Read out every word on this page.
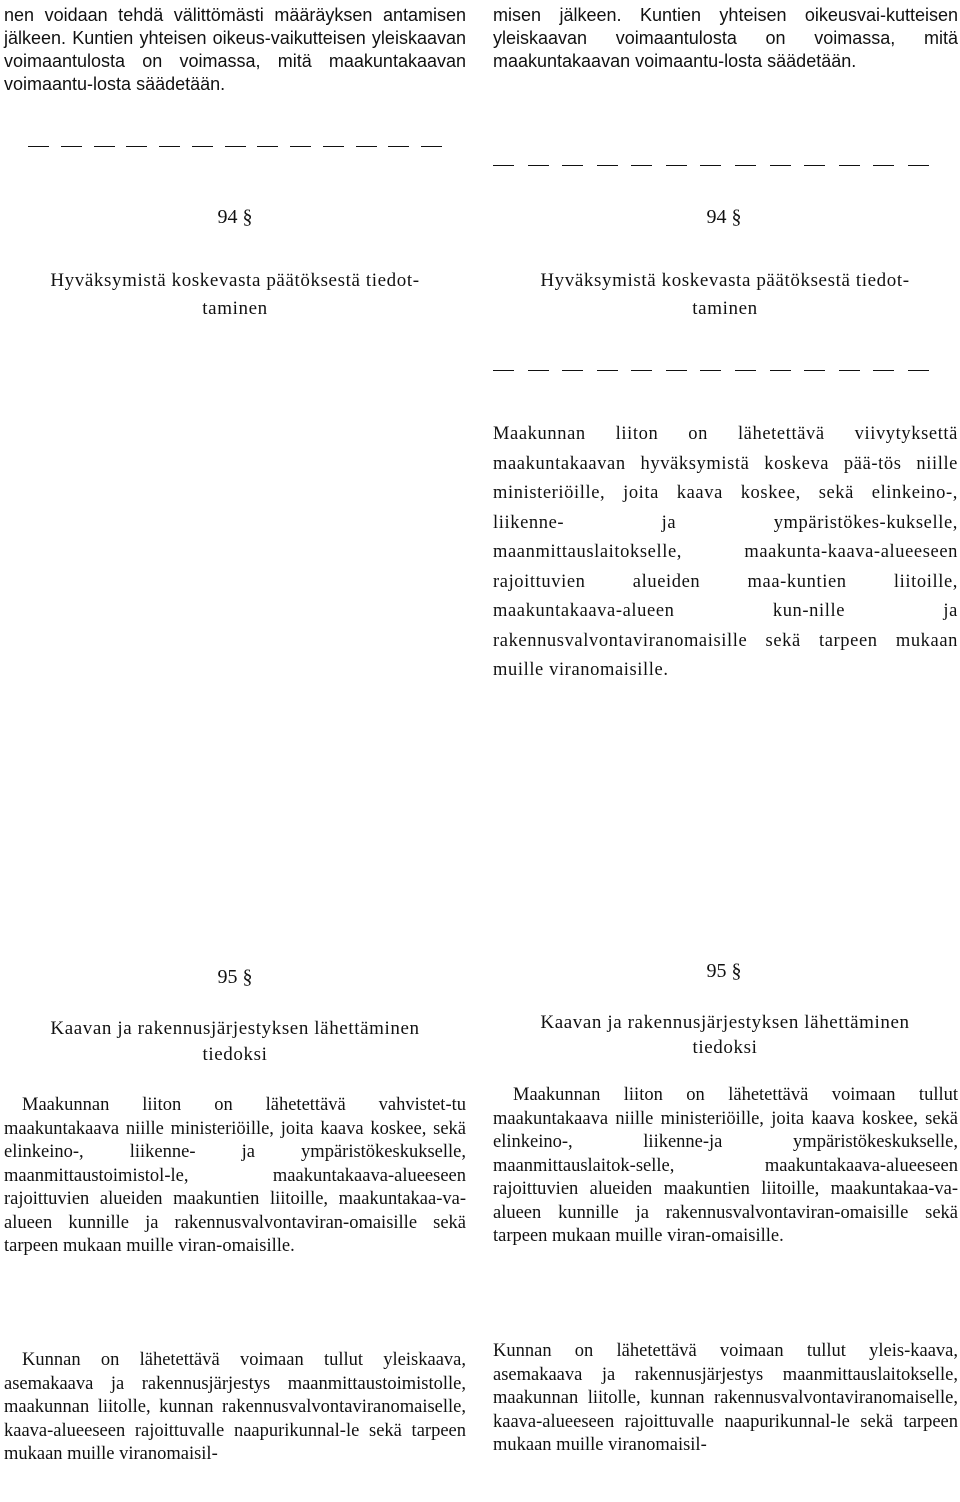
nen voidaan tehdä välittömästi määräyksen antamisen jälkeen. Kuntien yhteisen oikeus-vaikutteisen yleiskaavan voimaantulosta on voimassa, mitä maakuntakaavan voimaantu-losta säädetään.

94 §

Hyväksymistä koskevasta päätöksestä tiedot-

taminen

95 §

Kaavan ja rakennusjärjestyksen lähettäminen

tiedoksi

Maakunnan liiton on lähetettävä vahvistet-tu maakuntakaava niille ministeriöille, joita kaava koskee, sekä elinkeino-, liikenne- ja ympäristökeskukselle, maanmittaustoimistol-le, maakuntakaava-alueeseen rajoittuvien alueiden maakuntien liitoille, maakuntakaa-va-alueen kunnille ja rakennusvalvontaviran-omaisille sekä tarpeen mukaan muille viran-omaisille.

Kunnan on lähetettävä voimaan tullut yleiskaava, asemakaava ja rakennusjärjestys maanmittaustoimistolle, maakunnan liitolle, kunnan rakennusvalvontaviranomaiselle, kaava-alueeseen rajoittuvalle naapurikunnal-le sekä tarpeen mukaan muille viranomaisil-

misen jälkeen. Kuntien yhteisen oikeusvai-kutteisen yleiskaavan voimaantulosta on voimassa, mitä maakuntakaavan voimaantu-losta säädetään.

94 §

Hyväksymistä koskevasta päätöksestä tiedot-

taminen

Maakunnan liiton on lähetettävä viivytyksettä maakuntakaavan hyväksymistä koskeva pää-tös niille ministeriöille, joita kaava koskee, sekä elinkeino-, liikenne- ja ympäristökes-kukselle, maanmittauslaitokselle, maakunta-kaava-alueeseen rajoittuvien alueiden maa-kuntien liitoille, maakuntakaava-alueen kun-nille ja rakennusvalvontaviranomaisille sekä tarpeen mukaan muille viranomaisille.

95 §

Kaavan ja rakennusjärjestyksen lähettäminen

tiedoksi

Maakunnan liiton on lähetettävä voimaan tullut maakuntakaava niille ministeriöille, joita kaava koskee, sekä elinkeino-, liikenne-ja ympäristökeskukselle, maanmittauslaitok-selle, maakuntakaava-alueeseen rajoittuvien alueiden maakuntien liitoille, maakuntakaa-va-alueen kunnille ja rakennusvalvontaviran-omaisille sekä tarpeen mukaan muille viran-omaisille.

Kunnan on lähetettävä voimaan tullut yleis-kaava, asemakaava ja rakennusjärjestys maanmittauslaitokselle, maakunnan liitolle, kunnan rakennusvalvontaviranomaiselle, kaava-alueeseen rajoittuvalle naapurikunnal-le sekä tarpeen mukaan muille viranomaisil-
